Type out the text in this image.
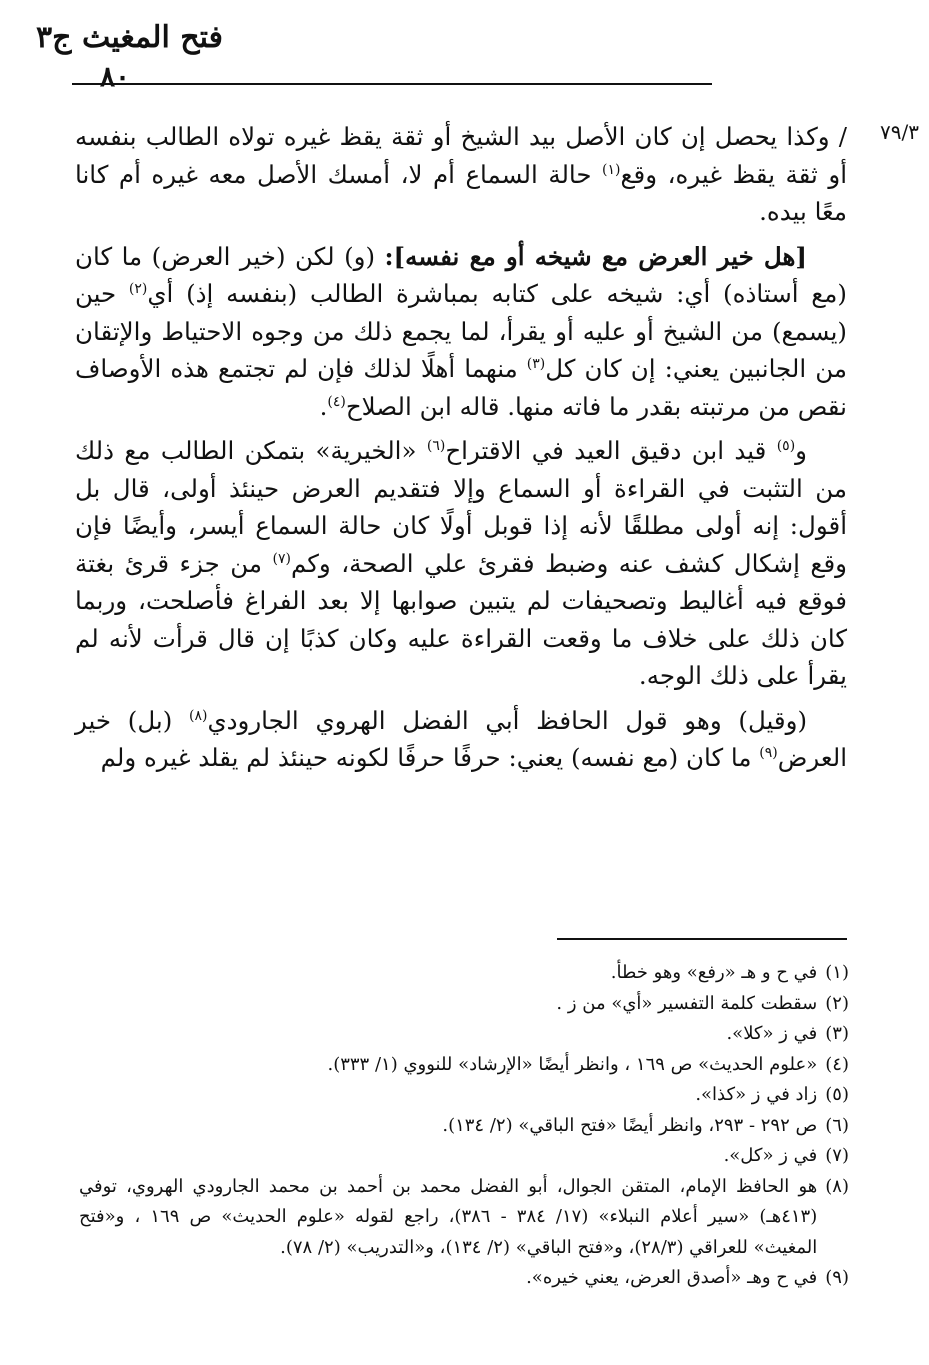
فتح المغيث ج٣
٨٠
٧٩/٣

/ وكذا يحصل إن كان الأصل بيد الشيخ أو ثقة يقظ غيره تولاه الطالب بنفسه أو ثقة يقظ غيره، وقع$^{(١)}$ حالة السماع أم لا، أمسك الأصل معه غيره أم كانا معًا بيده.

[هل خير العرض مع شيخه أو مع نفسه]: (و) لكن (خير العرض) ما كان (مع أستاذه) أي: شيخه على كتابه بمباشرة الطالب (بنفسه إذ) أي$^{(٢)}$ حين (يسمع) من الشيخ أو عليه أو يقرأ، لما يجمع ذلك من وجوه الاحتياط والإتقان من الجانبين يعني: إن كان كل$^{(٣)}$ منهما أهلًا لذلك فإن لم تجتمع هذه الأوصاف نقص من مرتبته بقدر ما فاته منها. قاله ابن الصلاح$^{(٤)}$.

و$^{(٥)}$ قيد ابن دقيق العيد في الاقتراح$^{(٦)}$ «الخيرية» بتمكن الطالب مع ذلك من التثبت في القراءة أو السماع وإلا فتقديم العرض حينئذ أولى، قال بل أقول: إنه أولى مطلقًا لأنه إذا قوبل أولًا كان حالة السماع أيسر، وأيضًا فإن وقع إشكال كشف عنه وضبط فقرئ علي الصحة، وكم$^{(٧)}$ من جزء قرئ بغتة فوقع فيه أغاليط وتصحيفات لم يتبين صوابها إلا بعد الفراغ فأصلحت، وربما كان ذلك على خلاف ما وقعت القراءة عليه وكان كذبًا إن قال قرأت لأنه لم يقرأ على ذلك الوجه.

(وقيل) وهو قول الحافظ أبي الفضل الهروي الجارودي$^{(٨)}$ (بل) خير العرض$^{(٩)}$ ما كان (مع نفسه) يعني: حرفًا حرفًا لكونه حينئذ لم يقلد غيره ولم

(١)
في ح و هـ «رفع» وهو خطأ.
(٢)
سقطت كلمة التفسير «أي» من ز .
(٣)
في ز «كلا».
(٤)
«علوم الحديث» ص ١٦٩ ، وانظر أيضًا «الإرشاد» للنووي (١/ ٣٣٣).
(٥)
زاد في ز «كذا».
(٦)
ص ٢٩٢ - ٢٩٣، وانظر أيضًا «فتح الباقي» (٢/ ١٣٤).
(٧)
في ز «كل».
(٨)
هو الحافظ الإمام، المتقن الجوال، أبو الفضل محمد بن أحمد بن محمد الجارودي الهروي، توفي (٤١٣هـ) «سير أعلام النبلاء» (١٧/ ٣٨٤ - ٣٨٦)، راجع لقوله «علوم الحديث» ص ١٦٩ ، و«فتح المغيث» للعراقي (٢٨/٣)، و«فتح الباقي» (٢/ ١٣٤)، و«التدريب» (٢/ ٧٨).
(٩)
في ح وهـ «أصدق العرض، يعني خيره».
